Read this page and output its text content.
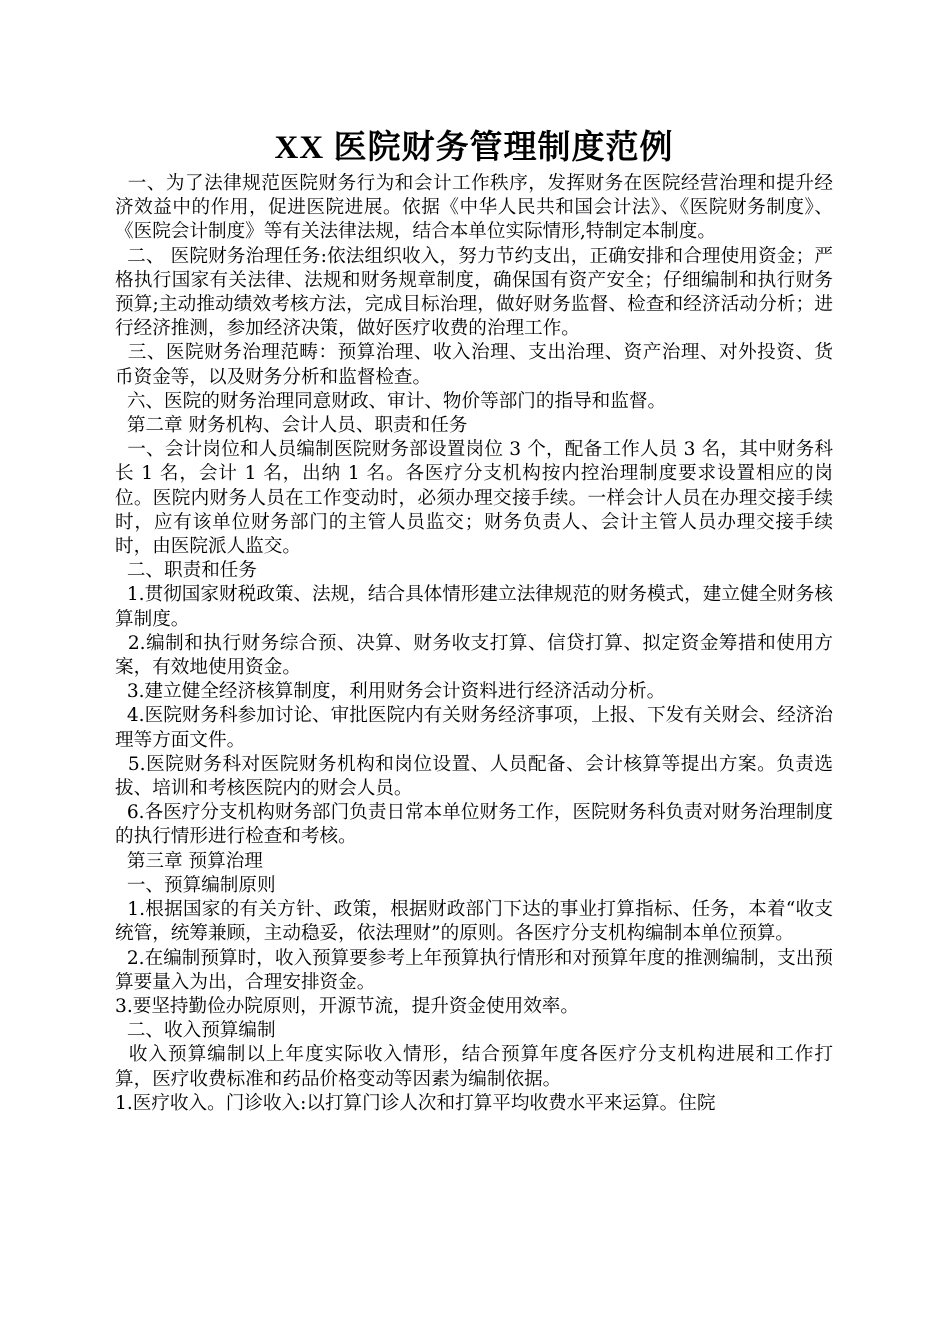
XX 医院财务管理制度范例

一、为了法律规范医院财务行为和会计工作秩序，发挥财务在医院经营治理和提升经济效益中的作用，促进医院进展。依据《中华人民共和国会计法》、《医院财务制度》、《医院会计制度》等有关法律法规，结合本单位实际情形,特制定本制度。

二、 医院财务治理任务:依法组织收入，努力节约支出，正确安排和合理使用资金；严格执行国家有关法律、法规和财务规章制度，确保国有资产安全；仔细编制和执行财务预算;主动推动绩效考核方法，完成目标治理，做好财务监督、检查和经济活动分析；进行经济推测，参加经济决策，做好医疗收费的治理工作。

三、医院财务治理范畴：预算治理、收入治理、支出治理、资产治理、对外投资、货币资金等，以及财务分析和监督检查。

六、医院的财务治理同意财政、审计、物价等部门的指导和监督。

第二章 财务机构、会计人员、职责和任务

一、会计岗位和人员编制医院财务部设置岗位 3 个，配备工作人员 3 名，其中财务科长 1 名，会计 1 名，出纳 1 名。各医疗分支机构按内控治理制度要求设置相应的岗位。医院内财务人员在工作变动时，必须办理交接手续。一样会计人员在办理交接手续时，应有该单位财务部门的主管人员监交；财务负责人、会计主管人员办理交接手续时，由医院派人监交。

二、职责和任务

1.贯彻国家财税政策、法规，结合具体情形建立法律规范的财务模式，建立健全财务核算制度。

2.编制和执行财务综合预、决算、财务收支打算、信贷打算、拟定资金筹措和使用方案，有效地使用资金。

3.建立健全经济核算制度，利用财务会计资料进行经济活动分析。

4.医院财务科参加讨论、审批医院内有关财务经济事项，上报、下发有关财会、经济治理等方面文件。

5.医院财务科对医院财务机构和岗位设置、人员配备、会计核算等提出方案。负责选拔、培训和考核医院内的财会人员。

6.各医疗分支机构财务部门负责日常本单位财务工作，医院财务科负责对财务治理制度的执行情形进行检查和考核。

第三章 预算治理

一、预算编制原则

1.根据国家的有关方针、政策，根据财政部门下达的事业打算指标、任务，本着“收支统管，统筹兼顾，主动稳妥，依法理财”的原则。各医疗分支机构编制本单位预算。

2.在编制预算时，收入预算要参考上年预算执行情形和对预算年度的推测编制，支出预算要量入为出，合理安排资金。

3.要坚持勤俭办院原则，开源节流，提升资金使用效率。

二、收入预算编制

收入预算编制以上年度实际收入情形，结合预算年度各医疗分支机构进展和工作打算，医疗收费标准和药品价格变动等因素为编制依据。

1.医疗收入。门诊收入:以打算门诊人次和打算平均收费水平来运算。住院
